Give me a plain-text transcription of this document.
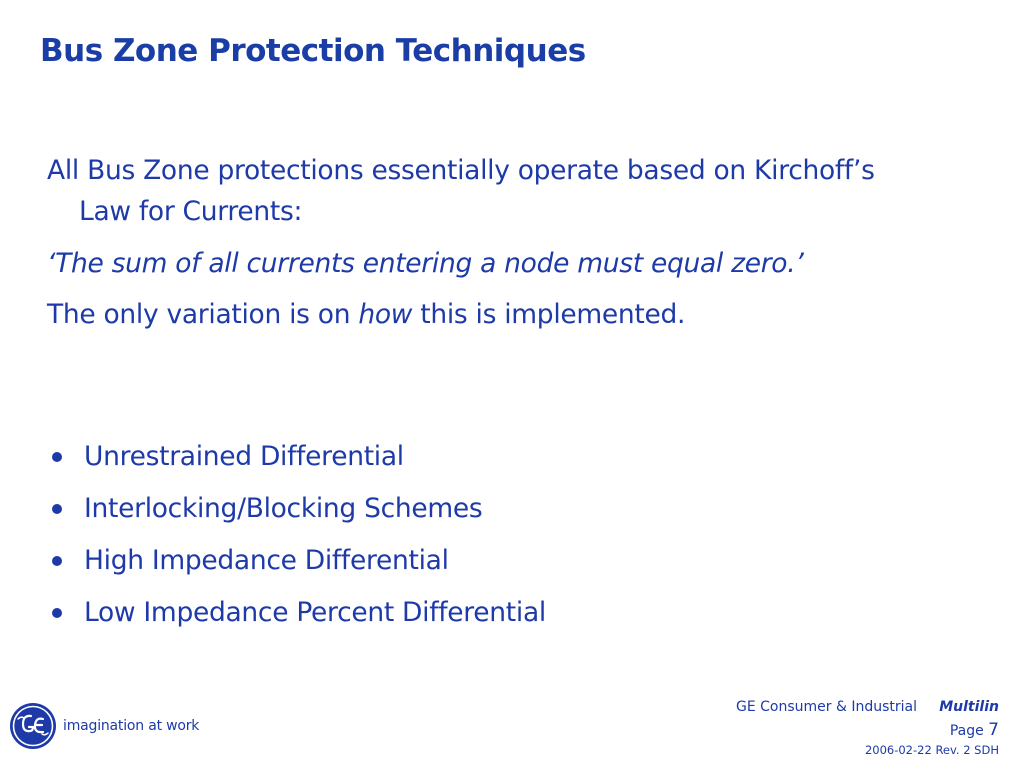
Bus Zone Protection Techniques
All Bus Zone protections essentially operate based on Kirchoff’s
Law for Currents:
‘The sum of all currents entering a node must equal zero.’
The only variation is on how this is implemented.
Unrestrained Differential
Interlocking/Blocking Schemes
High Impedance Differential
Low Impedance Percent Differential
imagination at work
GE Consumer & Industrial Multilin
Page 7
2006-02-22 Rev. 2 SDH
